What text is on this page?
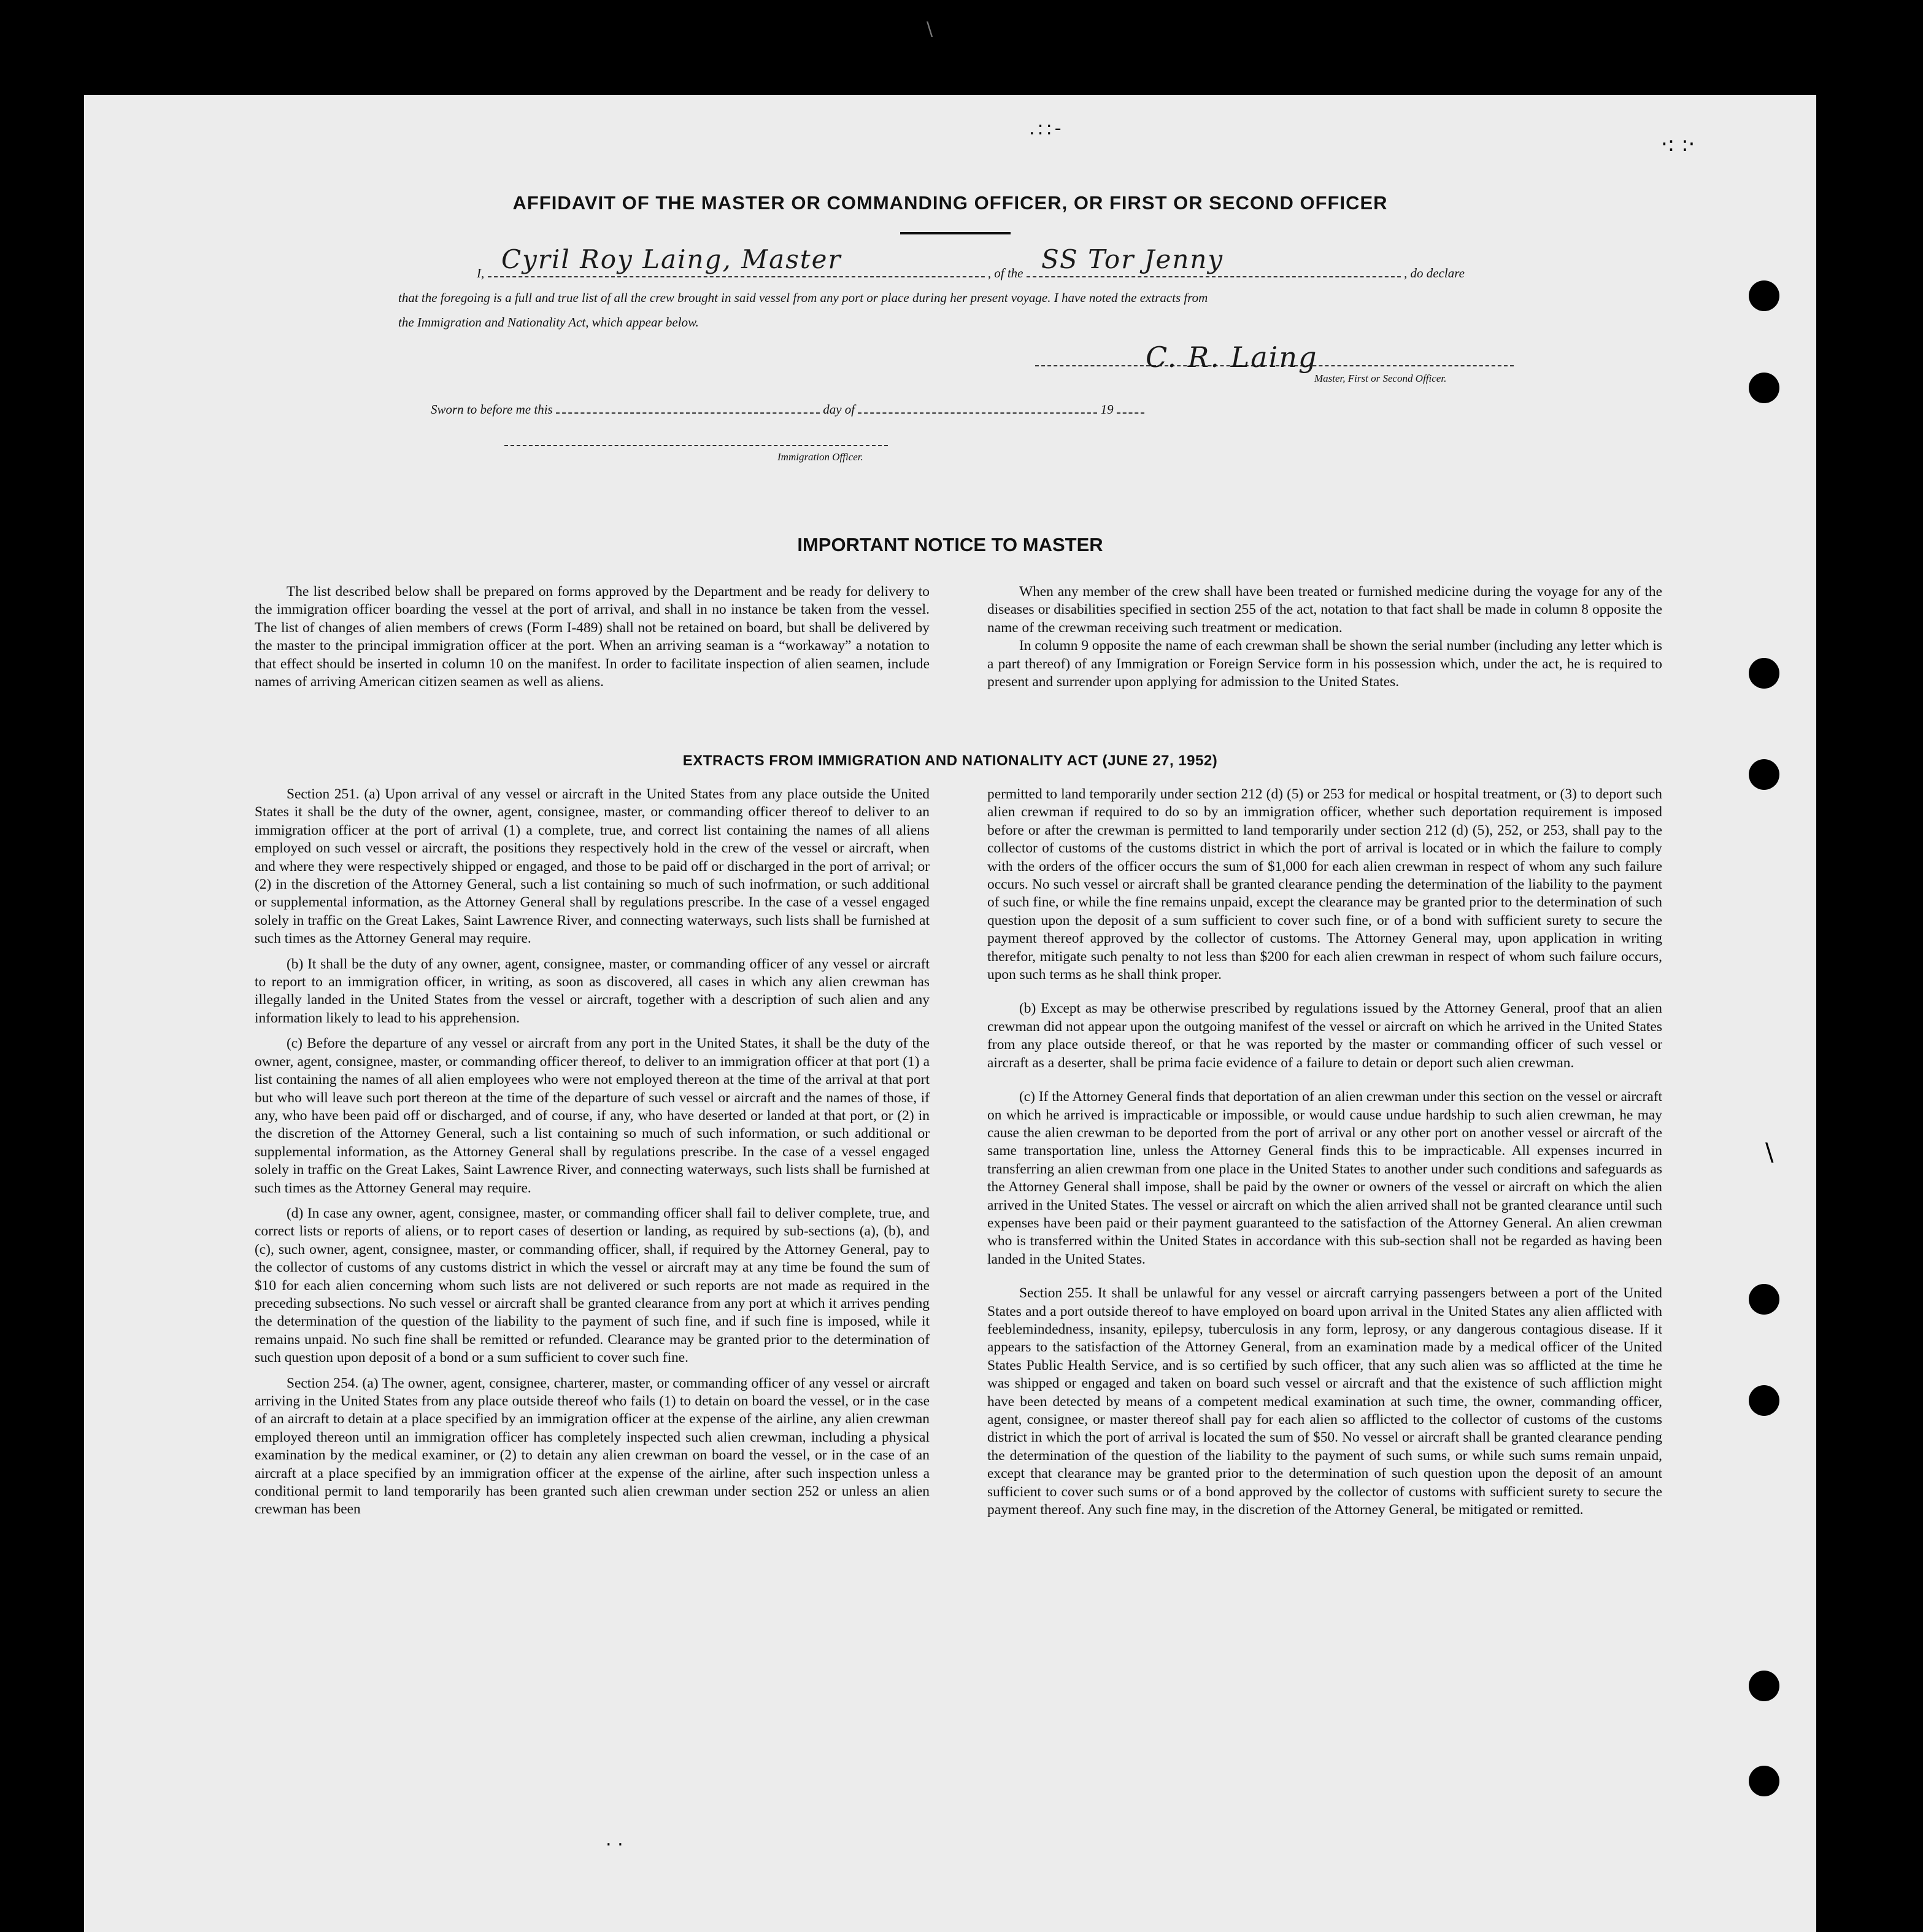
.::-
·: :·
AFFIDAVIT OF THE MASTER OR COMMANDING OFFICER, OR FIRST OR SECOND OFFICER
I,	, of the	, do declare
Cyril Roy Laing, Master	SS Tor Jenny
that the foregoing is a full and true list of all the crew brought in said vessel from any port or place during her present voyage. I have noted the extracts from
the Immigration and Nationality Act, which appear below.
C. R. Laing
Master, First or Second Officer.
Sworn to before me this	day of	19
Immigration Officer.
IMPORTANT NOTICE TO MASTER

The list described below shall be prepared on forms approved by the Department and be ready for delivery to the immigration officer boarding the vessel at the port of arrival, and shall in no instance be taken from the vessel. The list of changes of alien members of crews (Form I-489) shall not be retained on board, but shall be delivered by the master to the principal immigration officer at the port. When an arriving seaman is a “workaway” a notation to that effect should be inserted in column 10 on the manifest. In order to facilitate inspection of alien seamen, include names of arriving American citizen seamen as well as aliens.

When any member of the crew shall have been treated or furnished medicine during the voyage for any of the diseases or disabilities specified in section 255 of the act, notation to that fact shall be made in column 8 opposite the name of the crewman receiving such treatment or medication.

In column 9 opposite the name of each crewman shall be shown the serial number (including any letter which is a part thereof) of any Immigration or Foreign Service form in his possession which, under the act, he is required to present and surrender upon applying for admission to the United States.

EXTRACTS FROM IMMIGRATION AND NATIONALITY ACT (JUNE 27, 1952)

Section 251. (a) Upon arrival of any vessel or aircraft in the United States from any place outside the United States it shall be the duty of the owner, agent, consignee, master, or commanding officer thereof to deliver to an immigration officer at the port of arrival (1) a complete, true, and correct list containing the names of all aliens employed on such vessel or aircraft, the positions they respectively hold in the crew of the vessel or aircraft, when and where they were respectively shipped or engaged, and those to be paid off or discharged in the port of arrival; or (2) in the discretion of the Attorney General, such a list containing so much of such inofrmation, or such additional or supplemental information, as the Attorney General shall by regulations prescribe. In the case of a vessel engaged solely in traffic on the Great Lakes, Saint Lawrence River, and connecting waterways, such lists shall be furnished at such times as the Attorney General may require.

(b) It shall be the duty of any owner, agent, consignee, master, or commanding officer of any vessel or aircraft to report to an immigration officer, in writing, as soon as discovered, all cases in which any alien crewman has illegally landed in the United States from the vessel or aircraft, together with a description of such alien and any information likely to lead to his apprehension.

(c) Before the departure of any vessel or aircraft from any port in the United States, it shall be the duty of the owner, agent, consignee, master, or commanding officer thereof, to deliver to an immigration officer at that port (1) a list containing the names of all alien employees who were not employed thereon at the time of the arrival at that port but who will leave such port thereon at the time of the departure of such vessel or aircraft and the names of those, if any, who have been paid off or discharged, and of course, if any, who have deserted or landed at that port, or (2) in the discretion of the Attorney General, such a list containing so much of such information, or such additional or supplemental information, as the Attorney General shall by regulations prescribe. In the case of a vessel engaged solely in traffic on the Great Lakes, Saint Lawrence River, and connecting waterways, such lists shall be furnished at such times as the Attorney General may require.

(d) In case any owner, agent, consignee, master, or commanding officer shall fail to deliver complete, true, and correct lists or reports of aliens, or to report cases of desertion or landing, as required by sub-sections (a), (b), and (c), such owner, agent, consignee, master, or commanding officer, shall, if required by the Attorney General, pay to the collector of customs of any customs district in which the vessel or aircraft may at any time be found the sum of $10 for each alien concerning whom such lists are not delivered or such reports are not made as required in the preceding subsections. No such vessel or aircraft shall be granted clearance from any port at which it arrives pending the determination of the question of the liability to the payment of such fine, and if such fine is imposed, while it remains unpaid. No such fine shall be remitted or refunded. Clearance may be granted prior to the determination of such question upon deposit of a bond or a sum sufficient to cover such fine.

Section 254. (a) The owner, agent, consignee, charterer, master, or commanding officer of any vessel or aircraft arriving in the United States from any place outside thereof who fails (1) to detain on board the vessel, or in the case of an aircraft to detain at a place specified by an immigration officer at the expense of the airline, any alien crewman employed thereon until an immigration officer has completely inspected such alien crewman, including a physical examination by the medical examiner, or (2) to detain any alien crewman on board the vessel, or in the case of an aircraft at a place specified by an immigration officer at the expense of the airline, after such inspection unless a conditional permit to land temporarily has been granted such alien crewman under section 252 or unless an alien crewman has been

permitted to land temporarily under section 212 (d) (5) or 253 for medical or hospital treatment, or (3) to deport such alien crewman if required to do so by an immigration officer, whether such deportation requirement is imposed before or after the crewman is permitted to land temporarily under section 212 (d) (5), 252, or 253, shall pay to the collector of customs of the customs district in which the port of arrival is located or in which the failure to comply with the orders of the officer occurs the sum of $1,000 for each alien crewman in respect of whom any such failure occurs. No such vessel or aircraft shall be granted clearance pending the determination of the liability to the payment of such fine, or while the fine remains unpaid, except the clearance may be granted prior to the determination of such question upon the deposit of a sum sufficient to cover such fine, or of a bond with sufficient surety to secure the payment thereof approved by the collector of customs. The Attorney General may, upon application in writing therefor, mitigate such penalty to not less than $200 for each alien crewman in respect of whom such failure occurs, upon such terms as he shall think proper.

(b) Except as may be otherwise prescribed by regulations issued by the Attorney General, proof that an alien crewman did not appear upon the outgoing manifest of the vessel or aircraft on which he arrived in the United States from any place outside thereof, or that he was reported by the master or commanding officer of such vessel or aircraft as a deserter, shall be prima facie evidence of a failure to detain or deport such alien crewman.

(c) If the Attorney General finds that deportation of an alien crewman under this section on the vessel or aircraft on which he arrived is impracticable or impossible, or would cause undue hardship to such alien crewman, he may cause the alien crewman to be deported from the port of arrival or any other port on another vessel or aircraft of the same transportation line, unless the Attorney General finds this to be impracticable. All expenses incurred in transferring an alien crewman from one place in the United States to another under such conditions and safeguards as the Attorney General shall impose, shall be paid by the owner or owners of the vessel or aircraft on which the alien arrived in the United States. The vessel or aircraft on which the alien arrived shall not be granted clearance until such expenses have been paid or their payment guaranteed to the satisfaction of the Attorney General. An alien crewman who is transferred within the United States in accordance with this sub-section shall not be regarded as having been landed in the United States.

Section 255. It shall be unlawful for any vessel or aircraft carrying passengers between a port of the United States and a port outside thereof to have employed on board upon arrival in the United States any alien afflicted with feeblemindedness, insanity, epilepsy, tuberculosis in any form, leprosy, or any dangerous contagious disease. If it appears to the satisfaction of the Attorney General, from an examination made by a medical officer of the United States Public Health Service, and is so certified by such officer, that any such alien was so afflicted at the time he was shipped or engaged and taken on board such vessel or aircraft and that the existence of such affliction might have been detected by means of a competent medical examination at such time, the owner, commanding officer, agent, consignee, or master thereof shall pay for each alien so afflicted to the collector of customs of the customs district in which the port of arrival is located the sum of $50. No vessel or aircraft shall be granted clearance pending the determination of the question of the liability to the payment of such sums, or while such sums remain unpaid, except that clearance may be granted prior to the determination of such question upon the deposit of an amount sufficient to cover such sums or of a bond approved by the collector of customs with sufficient surety to secure the payment thereof. Any such fine may, in the discretion of the Attorney General, be mitigated or remitted.

\
. .
\
